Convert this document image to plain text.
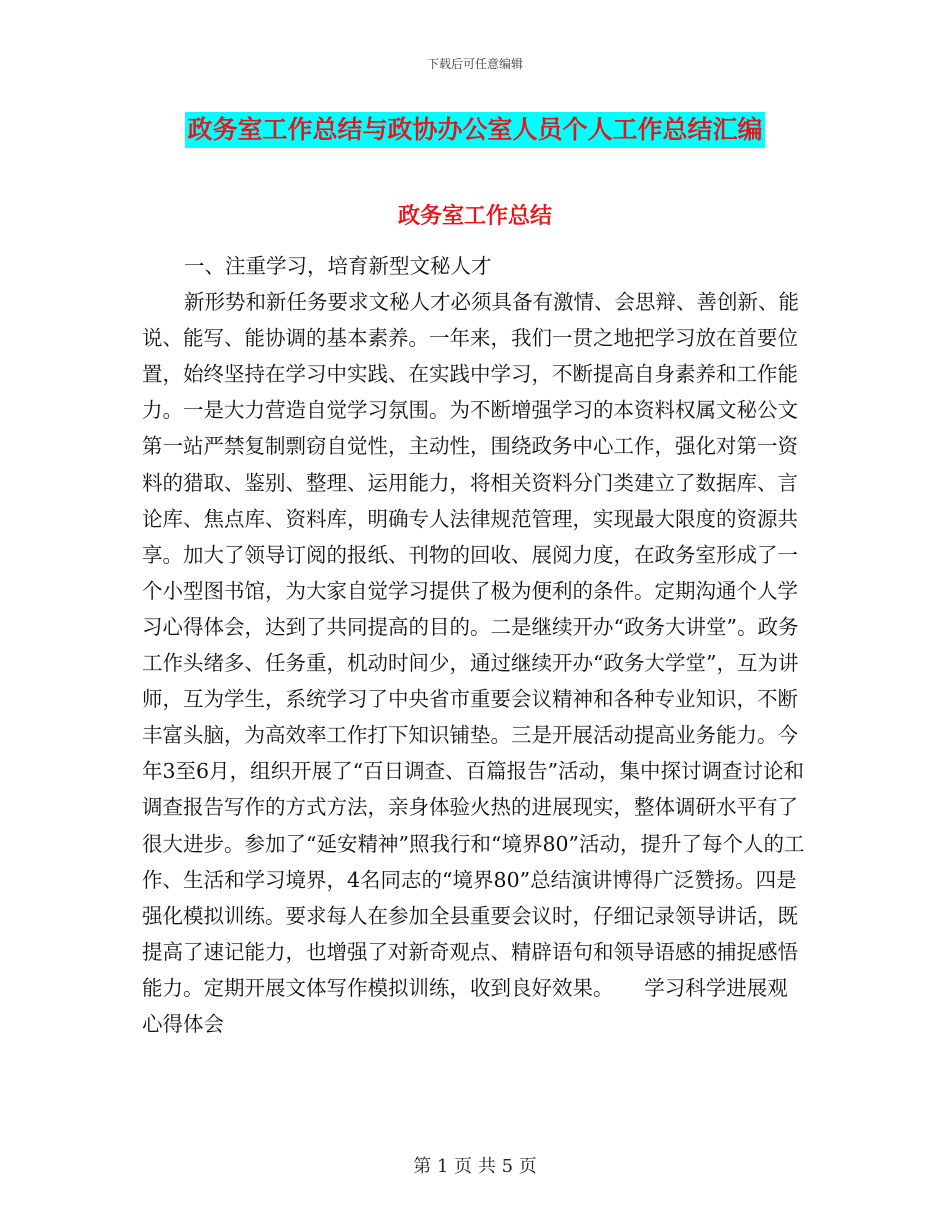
下载后可任意编辑
政务室工作总结与政协办公室人员个人工作总结汇编
政务室工作总结

一、注重学习，培育新型文秘人才

新形势和新任务要求文秘人才必须具备有激情、会思辩、善创新、能说、能写、能协调的基本素养。一年来，我们一贯之地把学习放在首要位置，始终坚持在学习中实践、在实践中学习，不断提高自身素养和工作能力。一是大力营造自觉学习氛围。为不断增强学习的本资料权属文秘公文第一站严禁复制剽窃自觉性，主动性，围绕政务中心工作，强化对第一资料的猎取、鉴别、整理、运用能力，将相关资料分门类建立了数据库、言论库、焦点库、资料库，明确专人法律规范管理，实现最大限度的资源共享。加大了领导订阅的报纸、刊物的回收、展阅力度，在政务室形成了一个小型图书馆，为大家自觉学习提供了极为便利的条件。定期沟通个人学习心得体会，达到了共同提高的目的。二是继续开办“政务大讲堂”。政务工作头绪多、任务重，机动时间少，通过继续开办“政务大学堂”，互为讲师，互为学生，系统学习了中央省市重要会议精神和各种专业知识，不断丰富头脑，为高效率工作打下知识铺垫。三是开展活动提高业务能力。今年3至6月，组织开展了“百日调查、百篇报告”活动，集中探讨调查讨论和调查报告写作的方式方法，亲身体验火热的进展现实，整体调研水平有了很大进步。参加了“延安精神”照我行和“境界80”活动，提升了每个人的工作、生活和学习境界，4名同志的“境界80”总结演讲博得广泛赞扬。四是强化模拟训练。要求每人在参加全县重要会议时，仔细记录领导讲话，既提高了速记能力，也增强了对新奇观点、精辟语句和领导语感的捕捉感悟能力。定期开展文体写作模拟训练，收到良好效果。　　学习科学进展观心得体会

第 1 页 共 5 页
